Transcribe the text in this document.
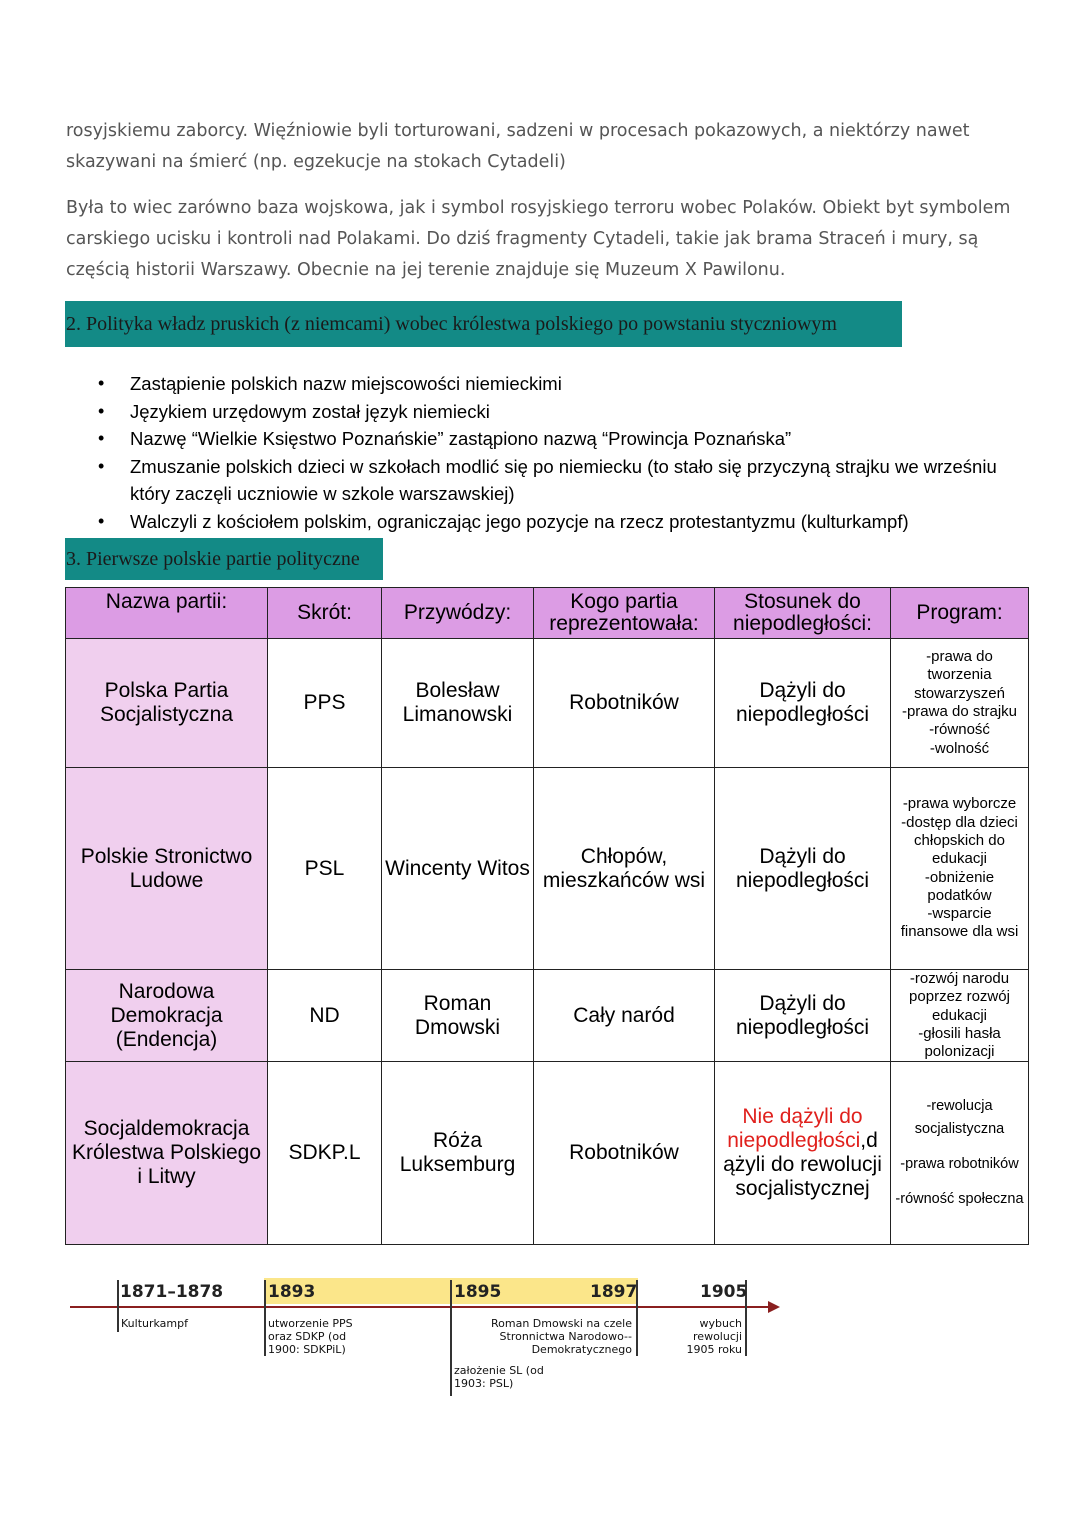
rosyjskiemu zaborcy. Więźniowie byli torturowani, sadzeni w procesach pokazowych, a niektórzy nawet skazywani na śmierć (np. egzekucje na stokach Cytadeli)

Była to wiec zarówno baza wojskowa, jak i symbol rosyjskiego terroru wobec Polaków. Obiekt byt symbolem carskiego ucisku i kontroli nad Polakami. Do dziś fragmenty Cytadeli, takie jak brama Straceń i mury, są częścią historii Warszawy. Obecnie na jej terenie znajduje się Muzeum X Pawilonu.

2. Polityka władz pruskich (z niemcami) wobec królestwa polskiego po powstaniu styczniowym
• Zastąpienie polskich nazw miejscowości niemieckimi
• Językiem urzędowym został język niemiecki
• Nazwę “Wielkie Księstwo Poznańskie” zastąpiono nazwą “Prowincja Poznańska”
• Zmuszanie polskich dzieci w szkołach modlić się po niemiecku (to stało się przyczyną strajku we wrześniu który zaczęli uczniowie w szkole warszawskiej)
• Walczyli z kościołem polskim, ograniczając jego pozycje na rzecz protestantyzmu (kulturkampf)
3. Pierwsze polskie partie polityczne
Nazwa partii:	Skrót:	Przywódzy:	Kogo partia reprezentowała:	Stosunek do niepodległości:	Program:
Polska Partia Socjalistyczna	PPS	Bolesław Limanowski	Robotników	Dążyli do niepodległości	-prawa do tworzenia stowarzyszeń
-prawa do strajku
-równość
-wolność

Polskie Stronictwo Ludowe	PSL	Wincenty Witos	Chłopów, mieszkańców wsi	Dążyli do niepodległości	-prawa wyborcze
-dostęp dla dzieci chłopskich do edukacji
-obniżenie podatków
-wsparcie finansowe dla wsi

Narodowa Demokracja (Endencja)	ND	Roman Dmowski	Cały naród	Dążyli do niepodległości	-rozwój narodu poprzez rozwój edukacji
-głosili hasła polonizacji

Socjaldemokracja Królestwa Polskiego i Litwy	SDKP.L	Róża Luksemburg	Robotników	Nie dążyli do niepodległości,d ążyli do rewolucji socjalistycznej	-rewolucja socjalistyczna
-prawa robotników
-równość społeczna
1871–1878
Kulturkampf
1893
utworzenie PPS oraz SDKP (od 1900: SDKPiL)
1895
założenie SL (od 1903: PSL)
1897
Roman Dmowski na czele Stronnictwa Narodowo--Demokratycznego
1905
wybuch rewolucji 1905 roku
